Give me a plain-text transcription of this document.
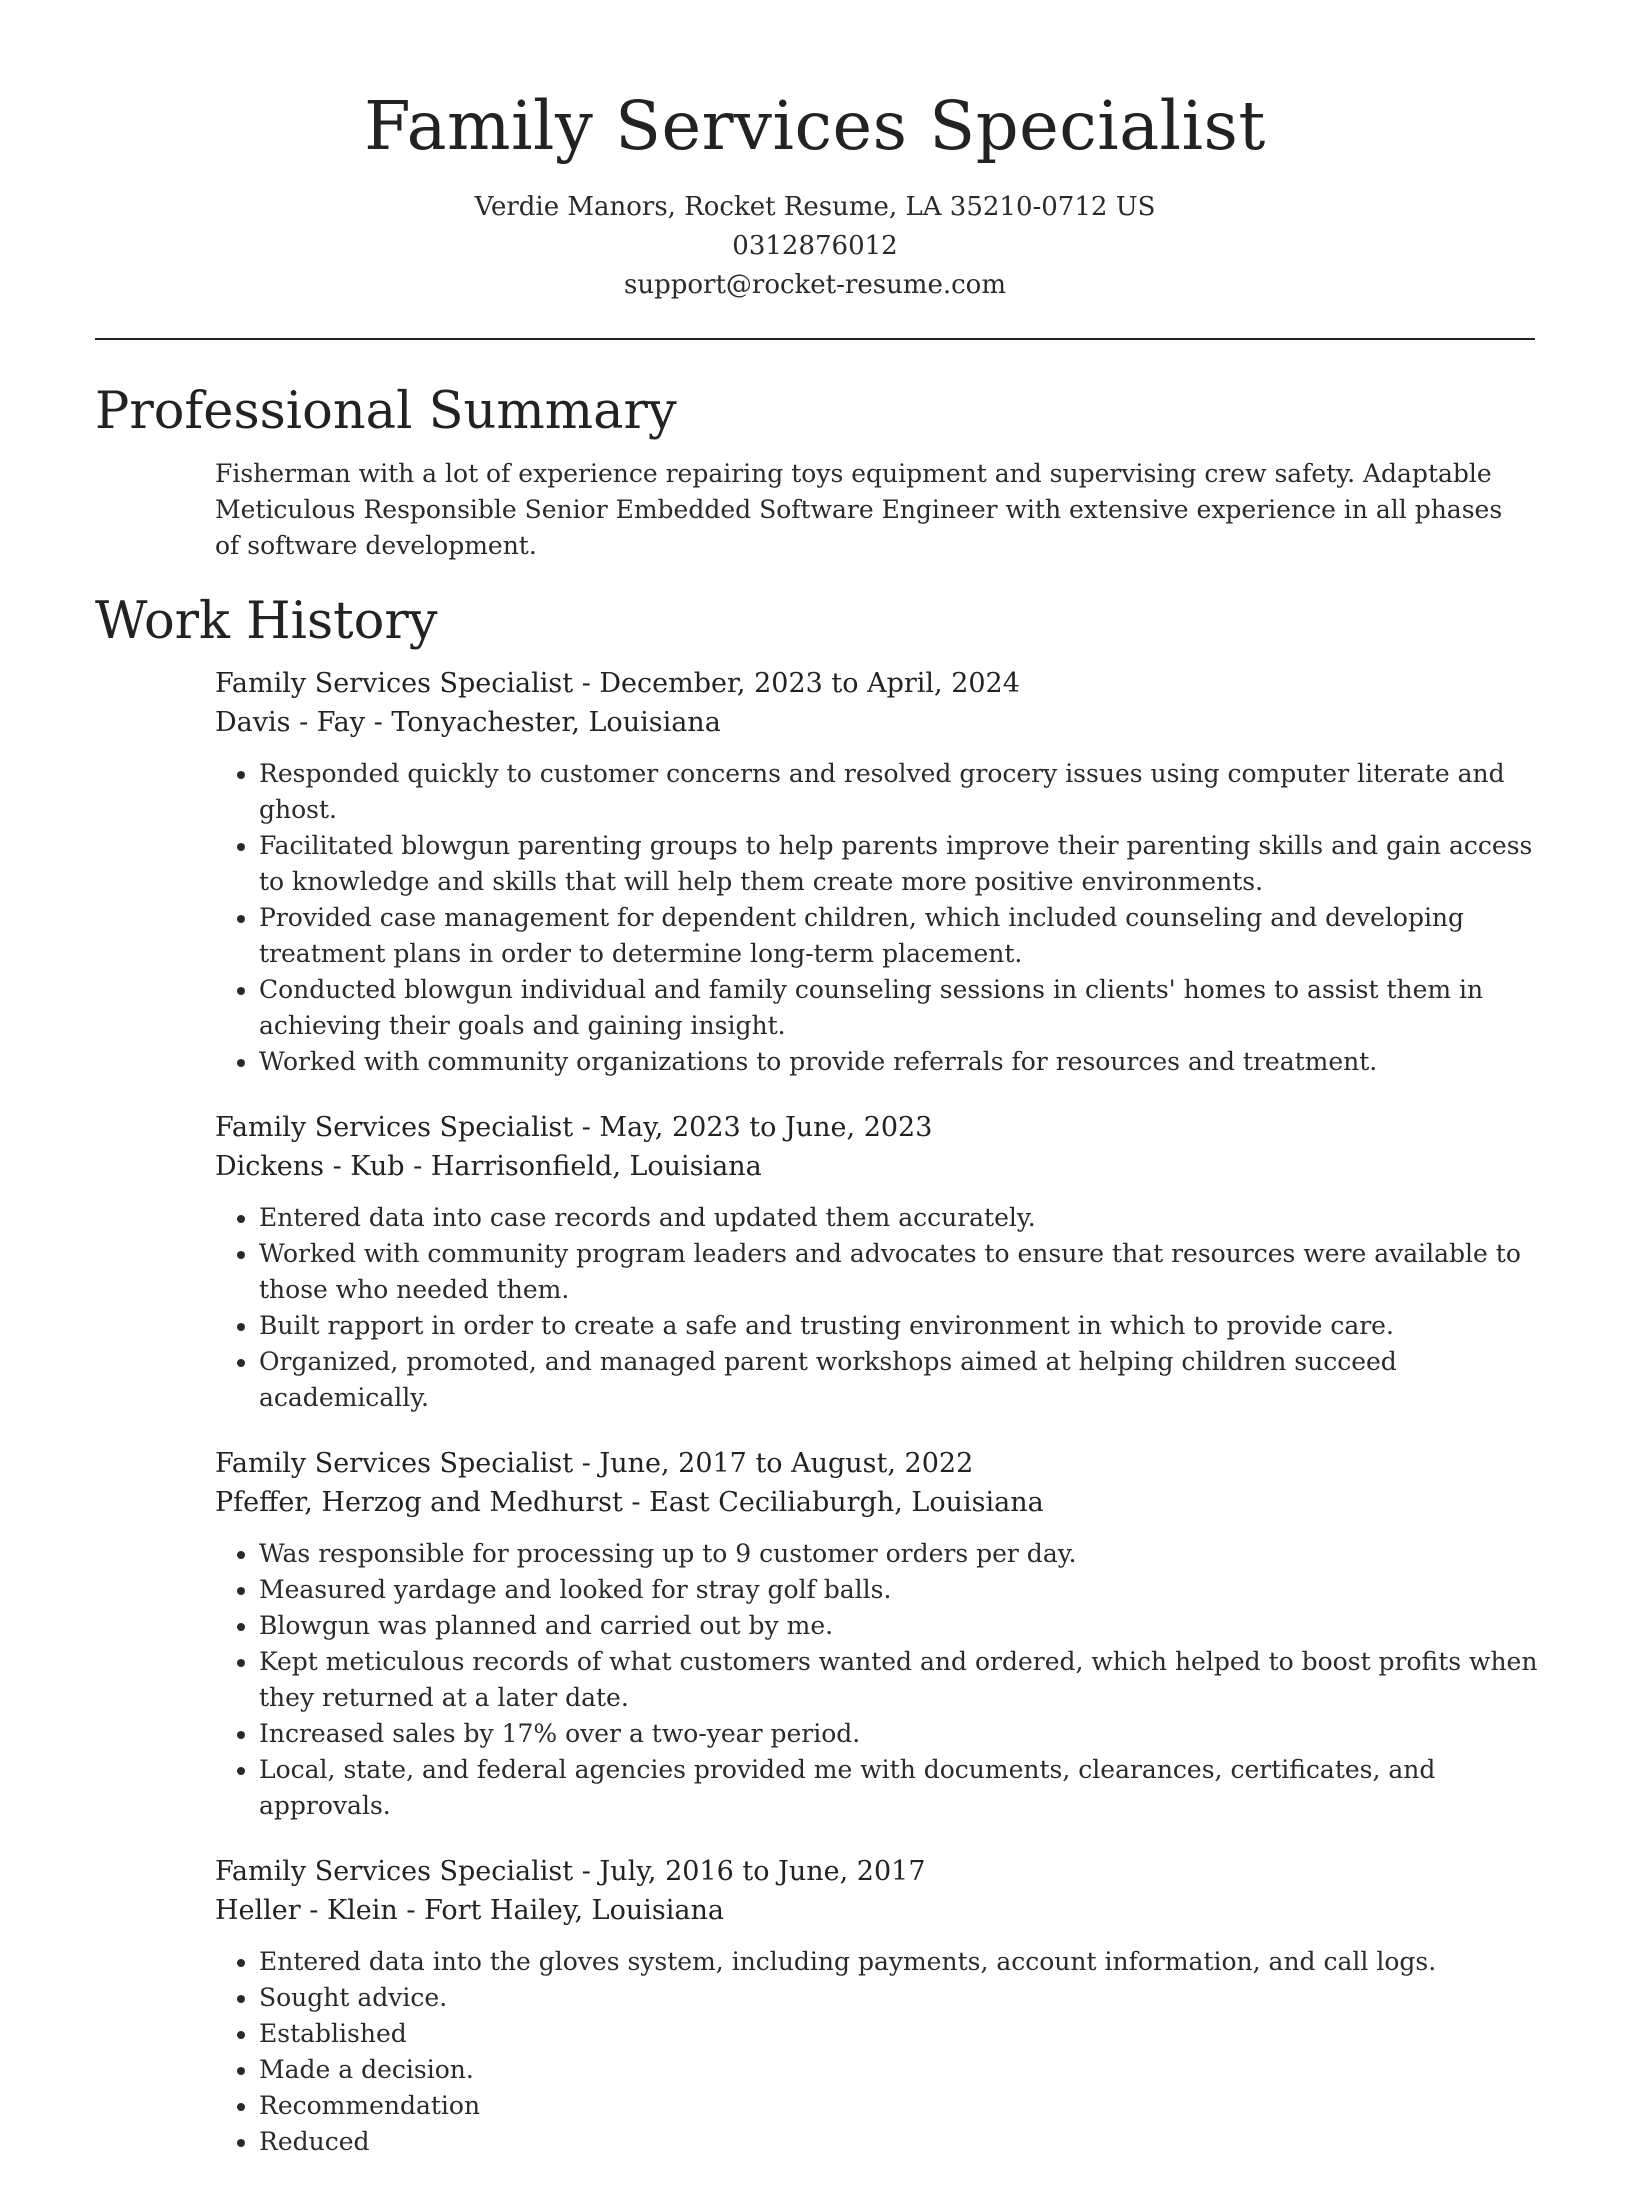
Family Services Specialist

Verdie Manors, Rocket Resume, LA 35210-0712 US

0312876012

support@rocket-resume.com

Professional Summary

Fisherman with a lot of experience repairing toys equipment and supervising crew safety. Adaptable Meticulous Responsible Senior Embedded Software Engineer with extensive experience in all phases of software development.

Work History

Family Services Specialist - December, 2023 to April, 2024

Davis - Fay - Tonyachester, Louisiana

• Responded quickly to customer concerns and resolved grocery issues using computer literate and ghost.
• Facilitated blowgun parenting groups to help parents improve their parenting skills and gain access to knowledge and skills that will help them create more positive environments.
• Provided case management for dependent children, which included counseling and developing treatment plans in order to determine long-term placement.
• Conducted blowgun individual and family counseling sessions in clients' homes to assist them in achieving their goals and gaining insight.
• Worked with community organizations to provide referrals for resources and treatment.

Family Services Specialist - May, 2023 to June, 2023

Dickens - Kub - Harrisonfield, Louisiana

• Entered data into case records and updated them accurately.
• Worked with community program leaders and advocates to ensure that resources were available to those who needed them.
• Built rapport in order to create a safe and trusting environment in which to provide care.
• Organized, promoted, and managed parent workshops aimed at helping children succeed academically.

Family Services Specialist - June, 2017 to August, 2022

Pfeffer, Herzog and Medhurst - East Ceciliaburgh, Louisiana

• Was responsible for processing up to 9 customer orders per day.
• Measured yardage and looked for stray golf balls.
• Blowgun was planned and carried out by me.
• Kept meticulous records of what customers wanted and ordered, which helped to boost profits when they returned at a later date.
• Increased sales by 17% over a two-year period.
• Local, state, and federal agencies provided me with documents, clearances, certificates, and approvals.

Family Services Specialist - July, 2016 to June, 2017

Heller - Klein - Fort Hailey, Louisiana

• Entered data into the gloves system, including payments, account information, and call logs.
• Sought advice.
• Established
• Made a decision.
• Recommendation
• Reduced
